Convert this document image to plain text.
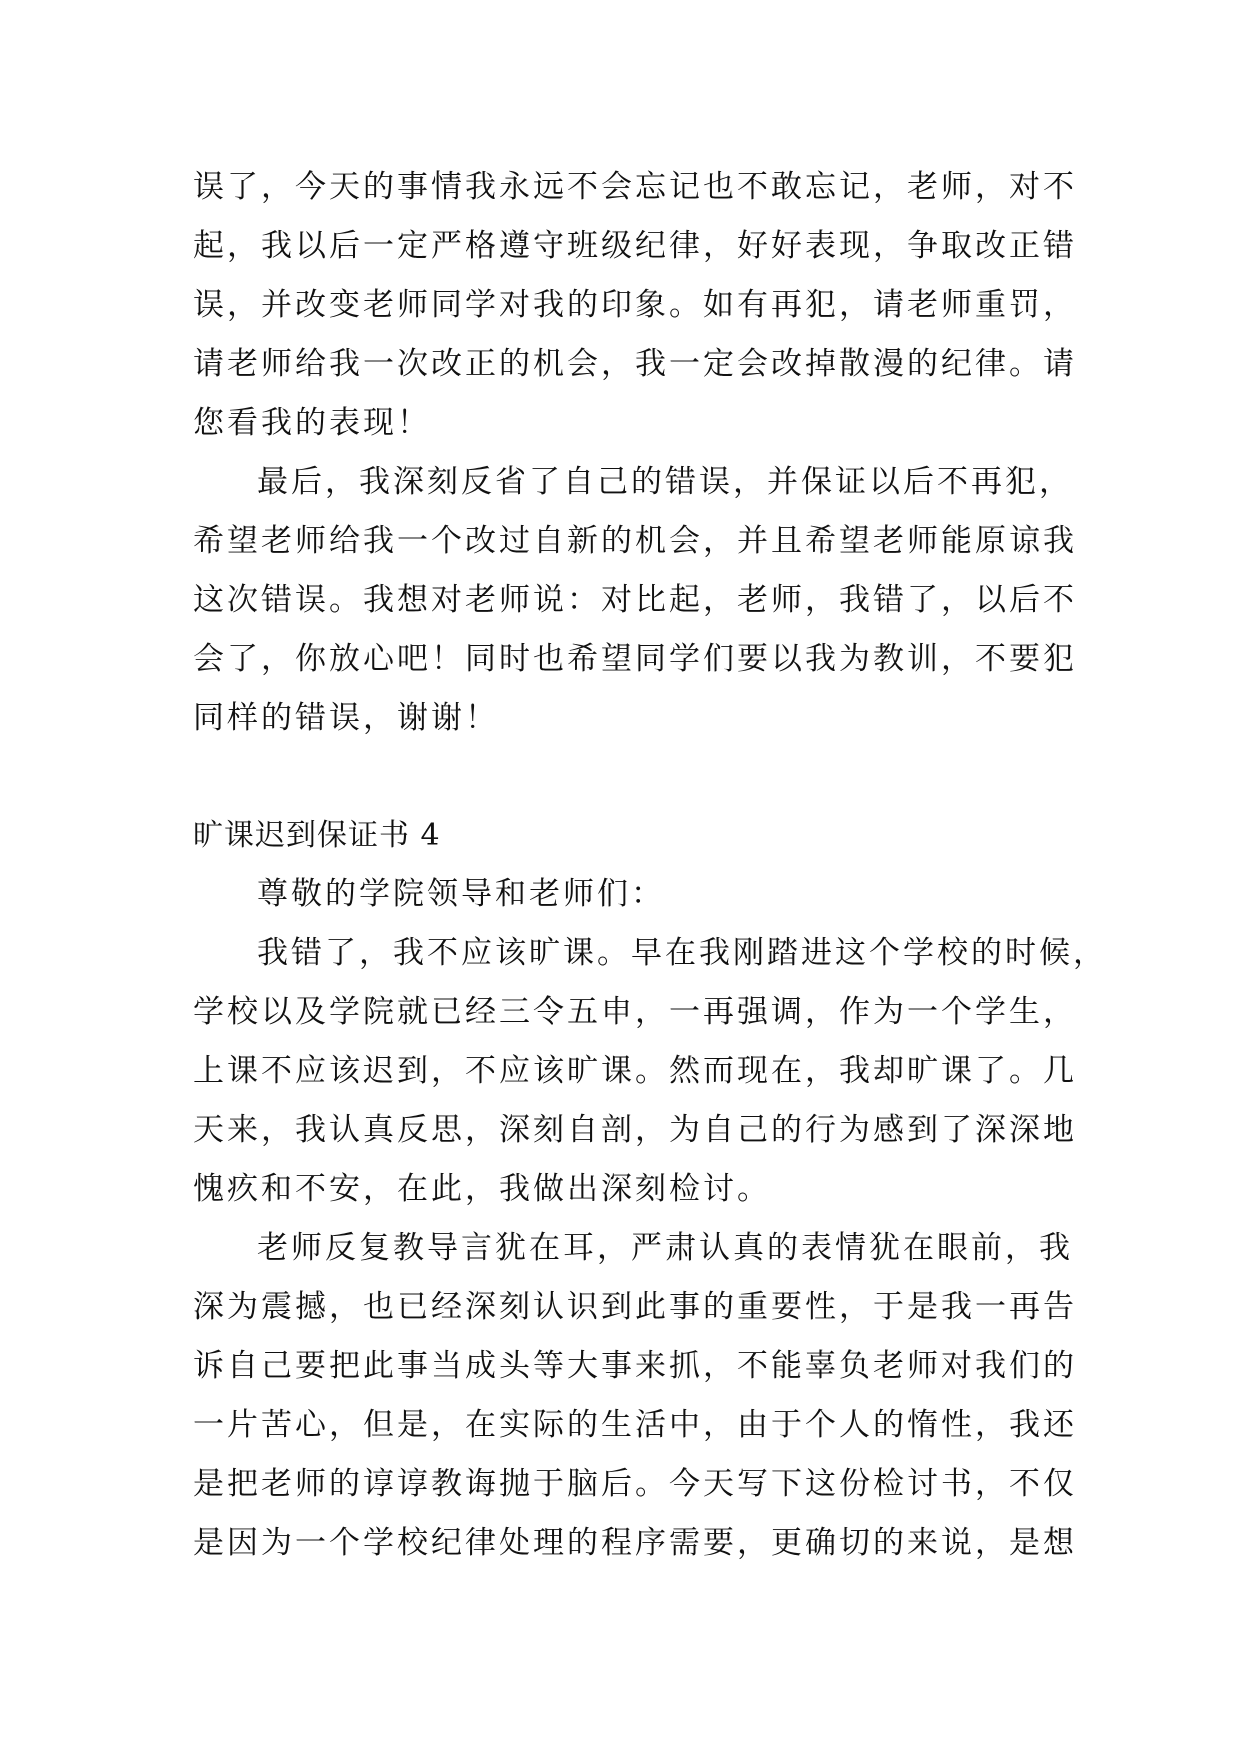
误了，今天的事情我永远不会忘记也不敢忘记，老师，对不
起，我以后一定严格遵守班级纪律，好好表现，争取改正错
误，并改变老师同学对我的印象。如有再犯，请老师重罚，
请老师给我一次改正的机会，我一定会改掉散漫的纪律。请
您看我的表现！
最后，我深刻反省了自己的错误，并保证以后不再犯，
希望老师给我一个改过自新的机会，并且希望老师能原谅我
这次错误。我想对老师说：对比起，老师，我错了，以后不
会了，你放心吧！同时也希望同学们要以我为教训，不要犯
同样的错误，谢谢！
旷课迟到保证书 4
尊敬的学院领导和老师们：
我错了，我不应该旷课。早在我刚踏进这个学校的时候，
学校以及学院就已经三令五申，一再强调，作为一个学生，
上课不应该迟到，不应该旷课。然而现在，我却旷课了。几
天来，我认真反思，深刻自剖，为自己的行为感到了深深地
愧疚和不安，在此，我做出深刻检讨。
老师反复教导言犹在耳，严肃认真的表情犹在眼前，我
深为震撼，也已经深刻认识到此事的重要性，于是我一再告
诉自己要把此事当成头等大事来抓，不能辜负老师对我们的
一片苦心，但是，在实际的生活中，由于个人的惰性，我还
是把老师的谆谆教诲抛于脑后。今天写下这份检讨书，不仅
是因为一个学校纪律处理的程序需要，更确切的来说，是想
